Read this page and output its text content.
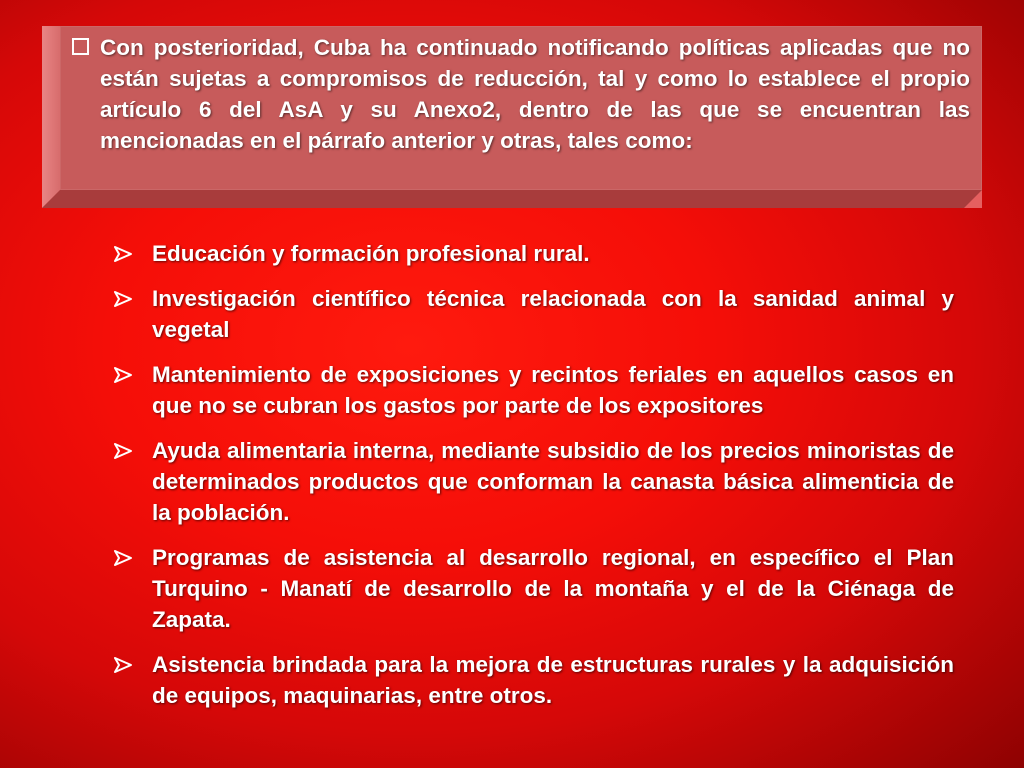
Con posterioridad, Cuba ha continuado notificando políticas aplicadas que no están sujetas a compromisos de reducción, tal y como lo establece el propio artículo 6 del AsA y su Anexo2, dentro de las que se encuentran las mencionadas en el párrafo anterior y otras, tales como:
Educación y formación profesional rural.
Investigación científico técnica relacionada con la sanidad animal y vegetal
Mantenimiento de exposiciones y recintos feriales en aquellos casos en que no se cubran los gastos por parte de los expositores
Ayuda alimentaria interna, mediante subsidio de los precios minoristas de determinados productos que conforman la canasta básica alimenticia de la población.
Programas de asistencia al desarrollo regional, en específico el Plan Turquino - Manatí de desarrollo de la montaña y el de la Ciénaga de Zapata.
Asistencia brindada para la mejora de estructuras rurales y la adquisición de equipos, maquinarias, entre otros.
